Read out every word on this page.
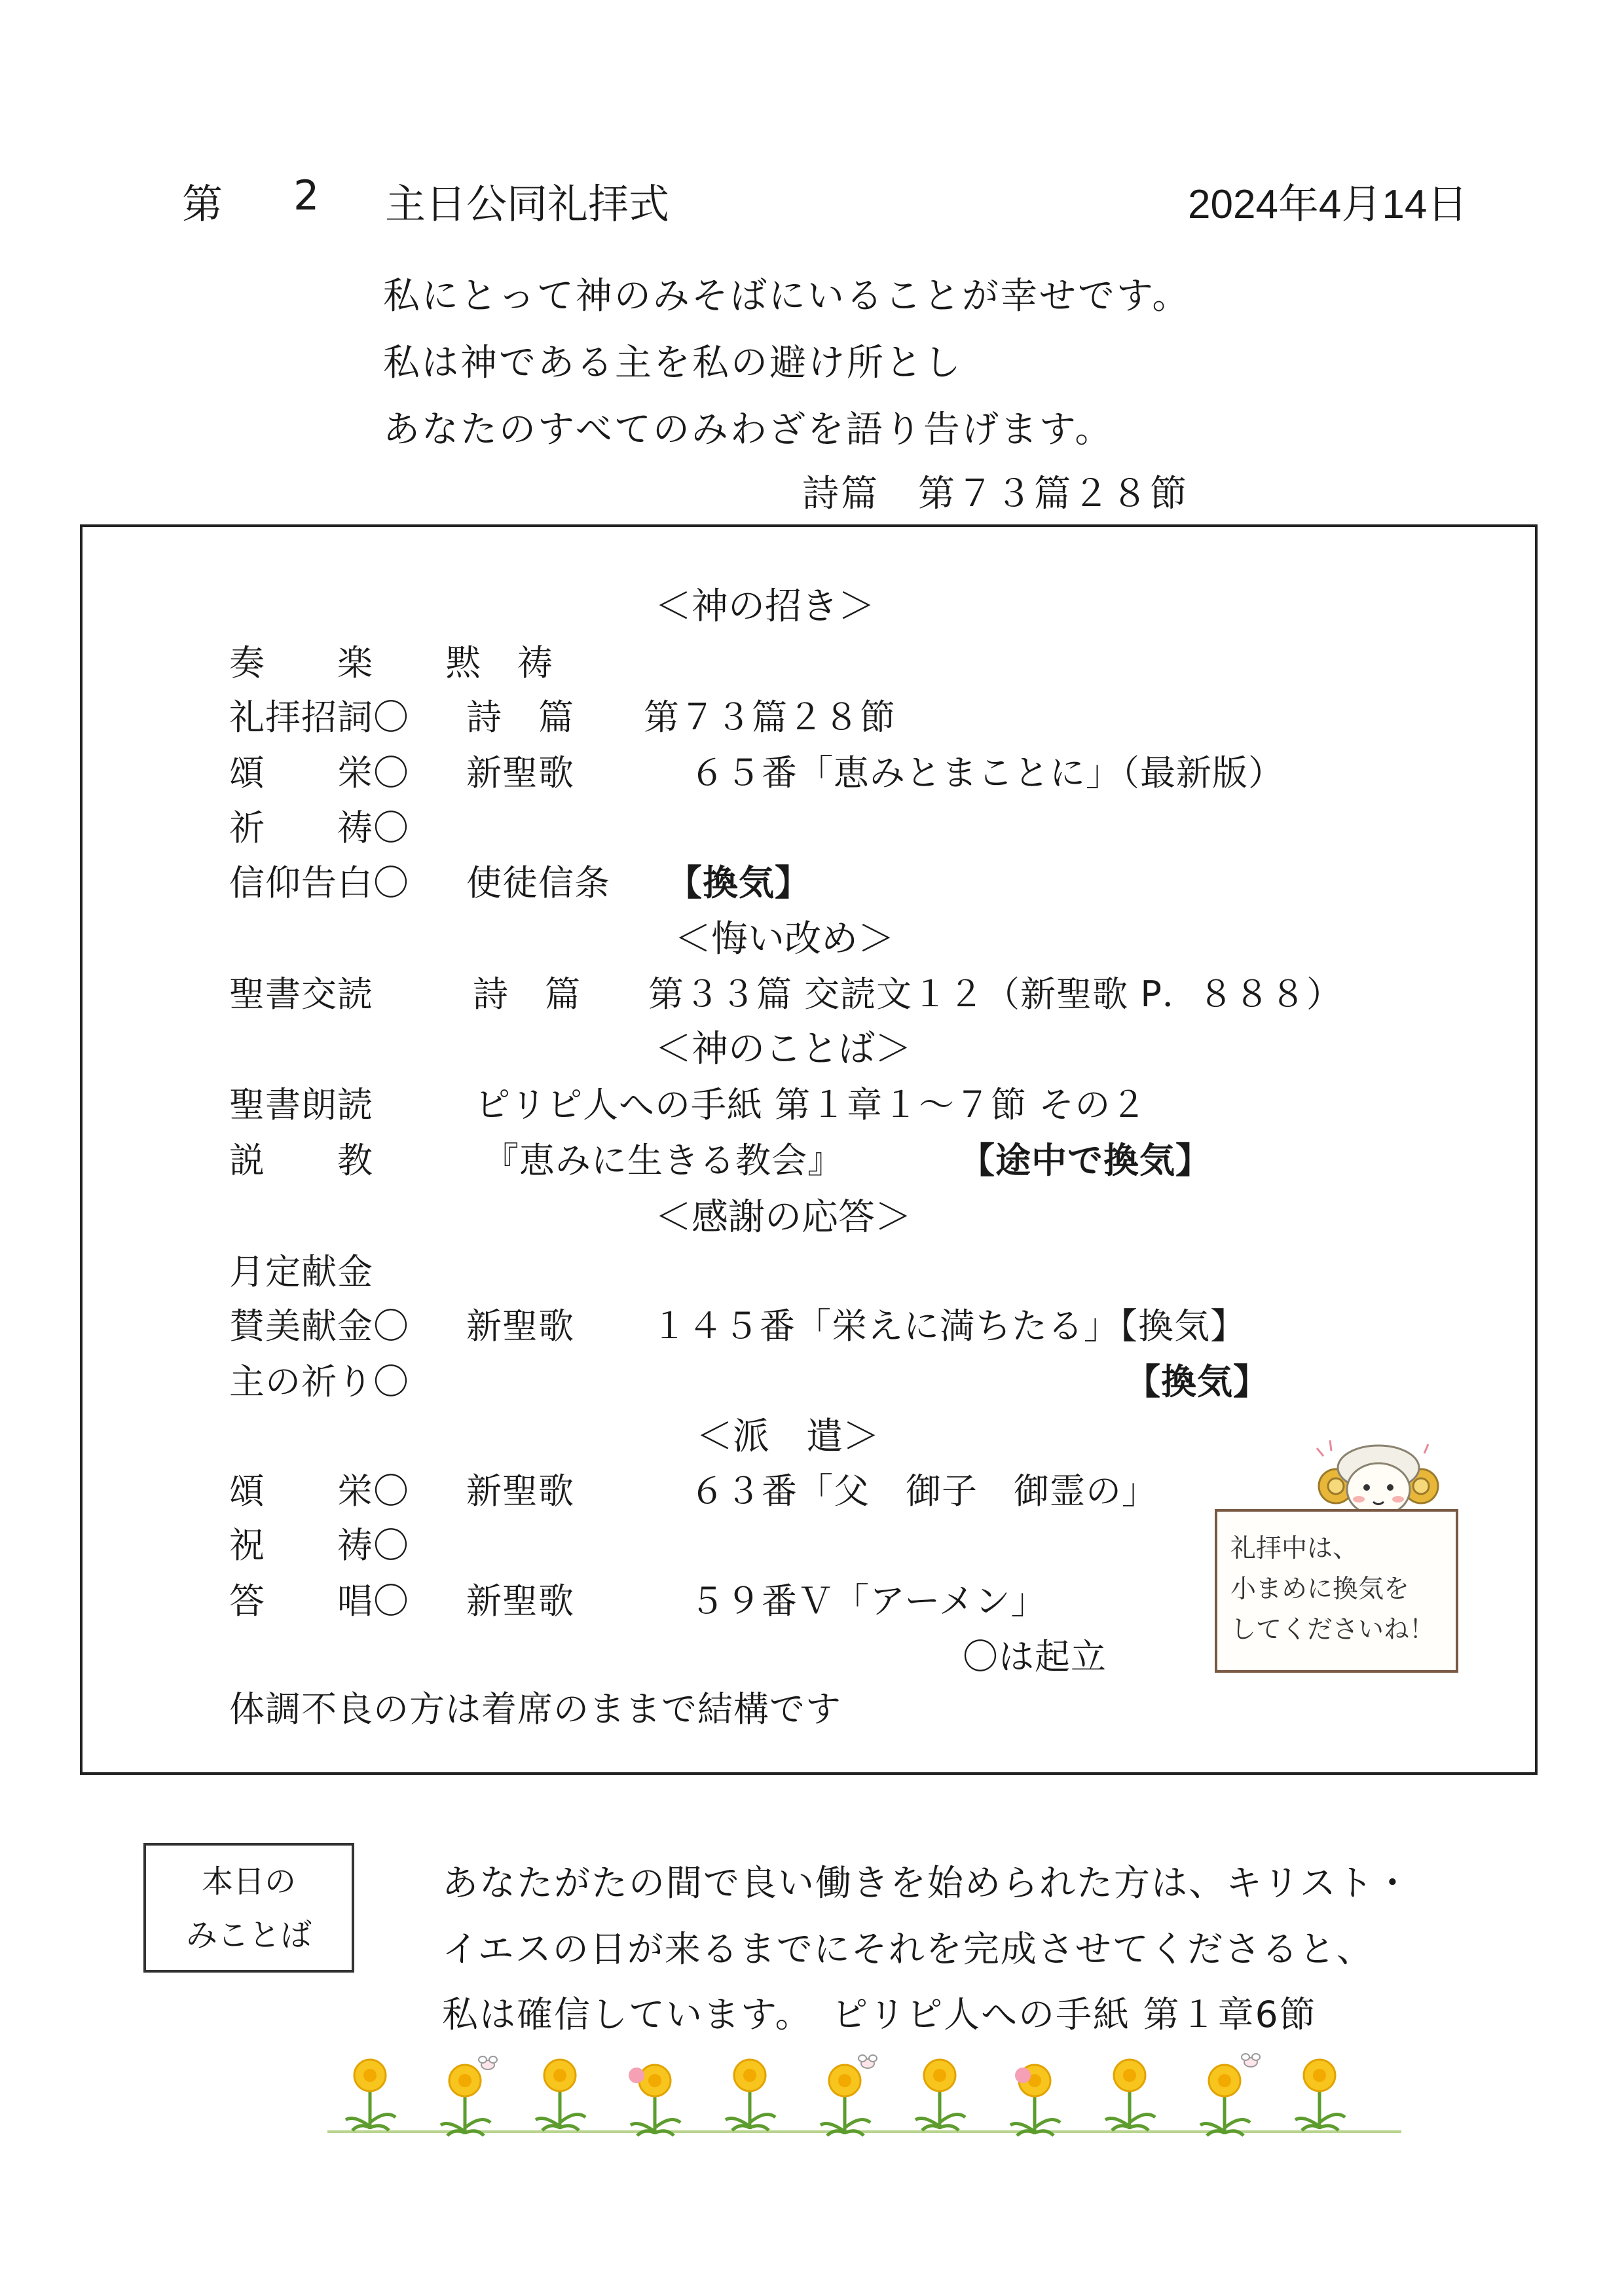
第 2 主日公同礼拝式	2024年4月14日
私にとって神のみそばにいることが幸せです。
私は神である主を私の避け所とし
あなたのすべてのみわざを語り告げます。
詩篇　第７３篇２８節
＜神の招き＞
奏　　楽　　黙　祷
礼拝招詞〇 詩　篇 第７３篇２８節
頌　　栄〇 新聖歌	６５番「恵みとまことに」（最新版）
祈　　祷〇
信仰告白〇 使徒信条 【換気】
＜悔い改め＞
聖書交読	詩　篇 第３３篇 交読文１２（新聖歌 P．８８８）
＜神のことば＞
聖書朗読	ピリピ人への手紙 第１章１～７節 その２
説　　教	『恵みに生きる教会』	【途中で換気】
＜感謝の応答＞
月定献金
賛美献金〇 新聖歌 １４５番「栄えに満ちたる」【換気】
主の祈り〇	【換気】
＜派　遣＞
頌　　栄〇 新聖歌	６３番「父　御子　御霊の」
祝　　祷〇
答　　唱〇 新聖歌	５９番Ｖ「アーメン」
〇は起立
体調不良の方は着席のままで結構です
礼拝中は、
小まめに換気を
してくださいね！
本日の
みことば
あなたがたの間で良い働きを始められた方は、キリスト・
イエスの日が来るまでにそれを完成させてくださると、
私は確信しています。　ピリピ人への手紙 第１章6節
